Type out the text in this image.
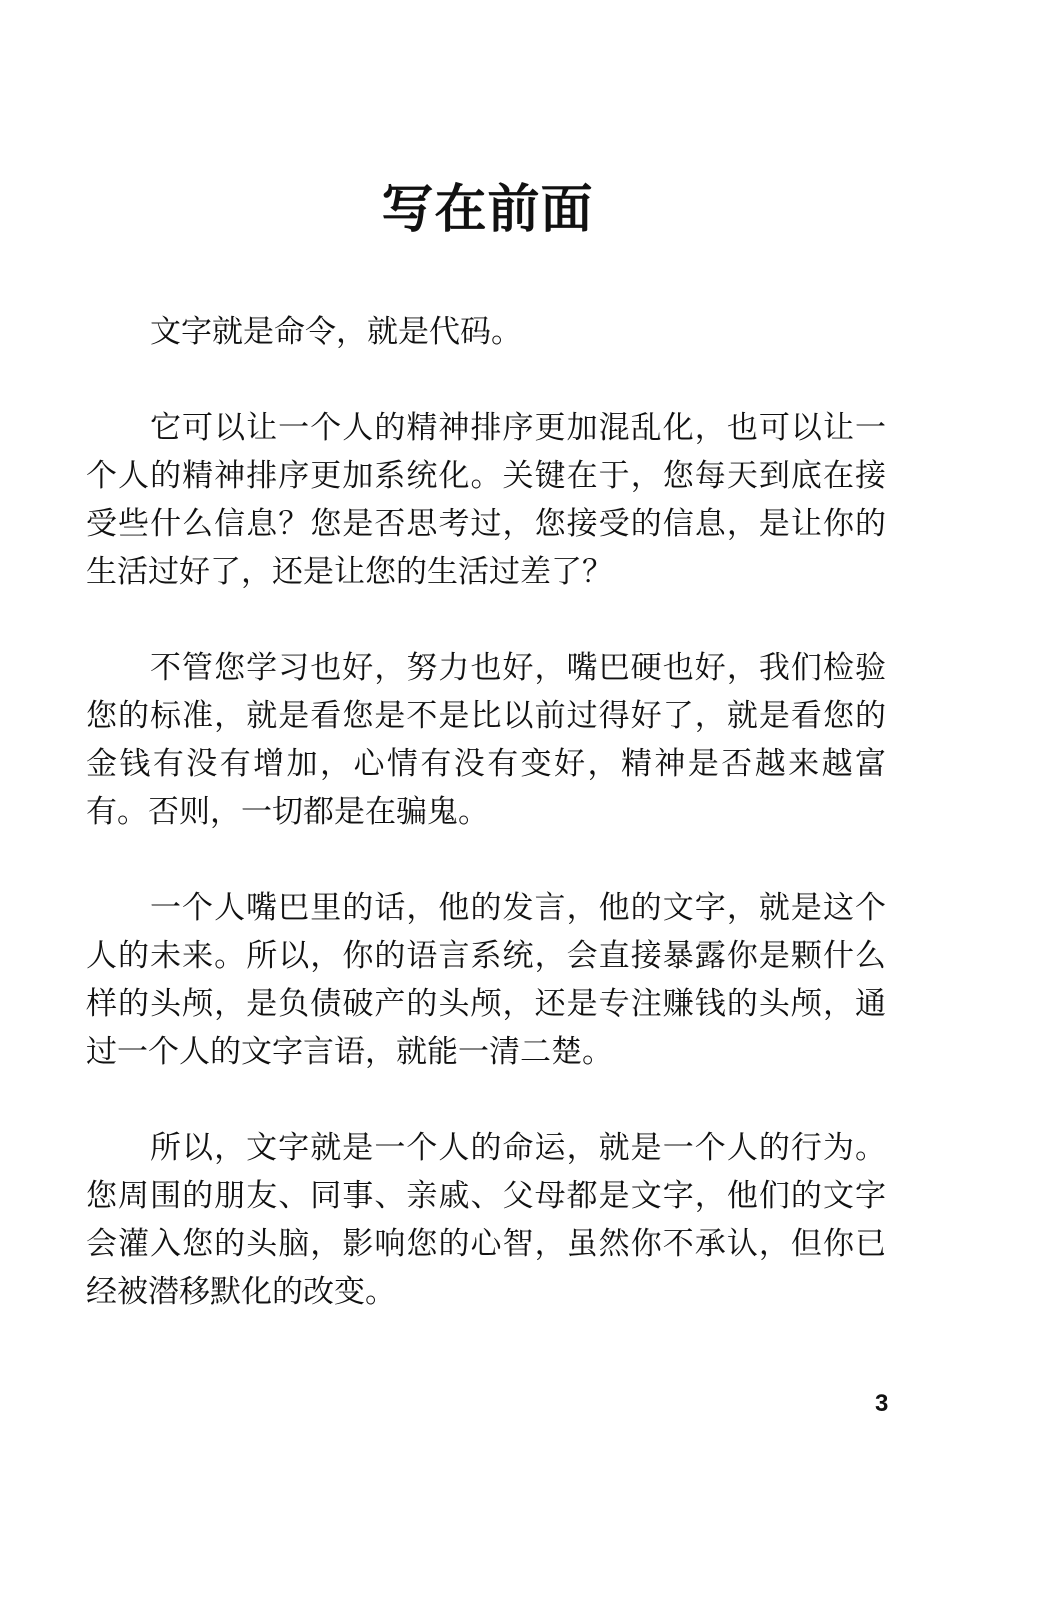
写在前面

文字就是命令，就是代码。

它可以让一个人的精神排序更加混乱化，也可以让一个人的精神排序更加系统化。关键在于，您每天到底在接受些什么信息？您是否思考过，您接受的信息，是让你的生活过好了，还是让您的生活过差了？

不管您学习也好，努力也好，嘴巴硬也好，我们检验您的标准，就是看您是不是比以前过得好了，就是看您的金钱有没有增加，心情有没有变好，精神是否越来越富有。否则，一切都是在骗鬼。

一个人嘴巴里的话，他的发言，他的文字，就是这个人的未来。所以，你的语言系统，会直接暴露你是颗什么样的头颅，是负债破产的头颅，还是专注赚钱的头颅，通过一个人的文字言语，就能一清二楚。

所以，文字就是一个人的命运，就是一个人的行为。您周围的朋友、同事、亲戚、父母都是文字，他们的文字会灌入您的头脑，影响您的心智，虽然你不承认，但你已经被潜移默化的改变。

3
